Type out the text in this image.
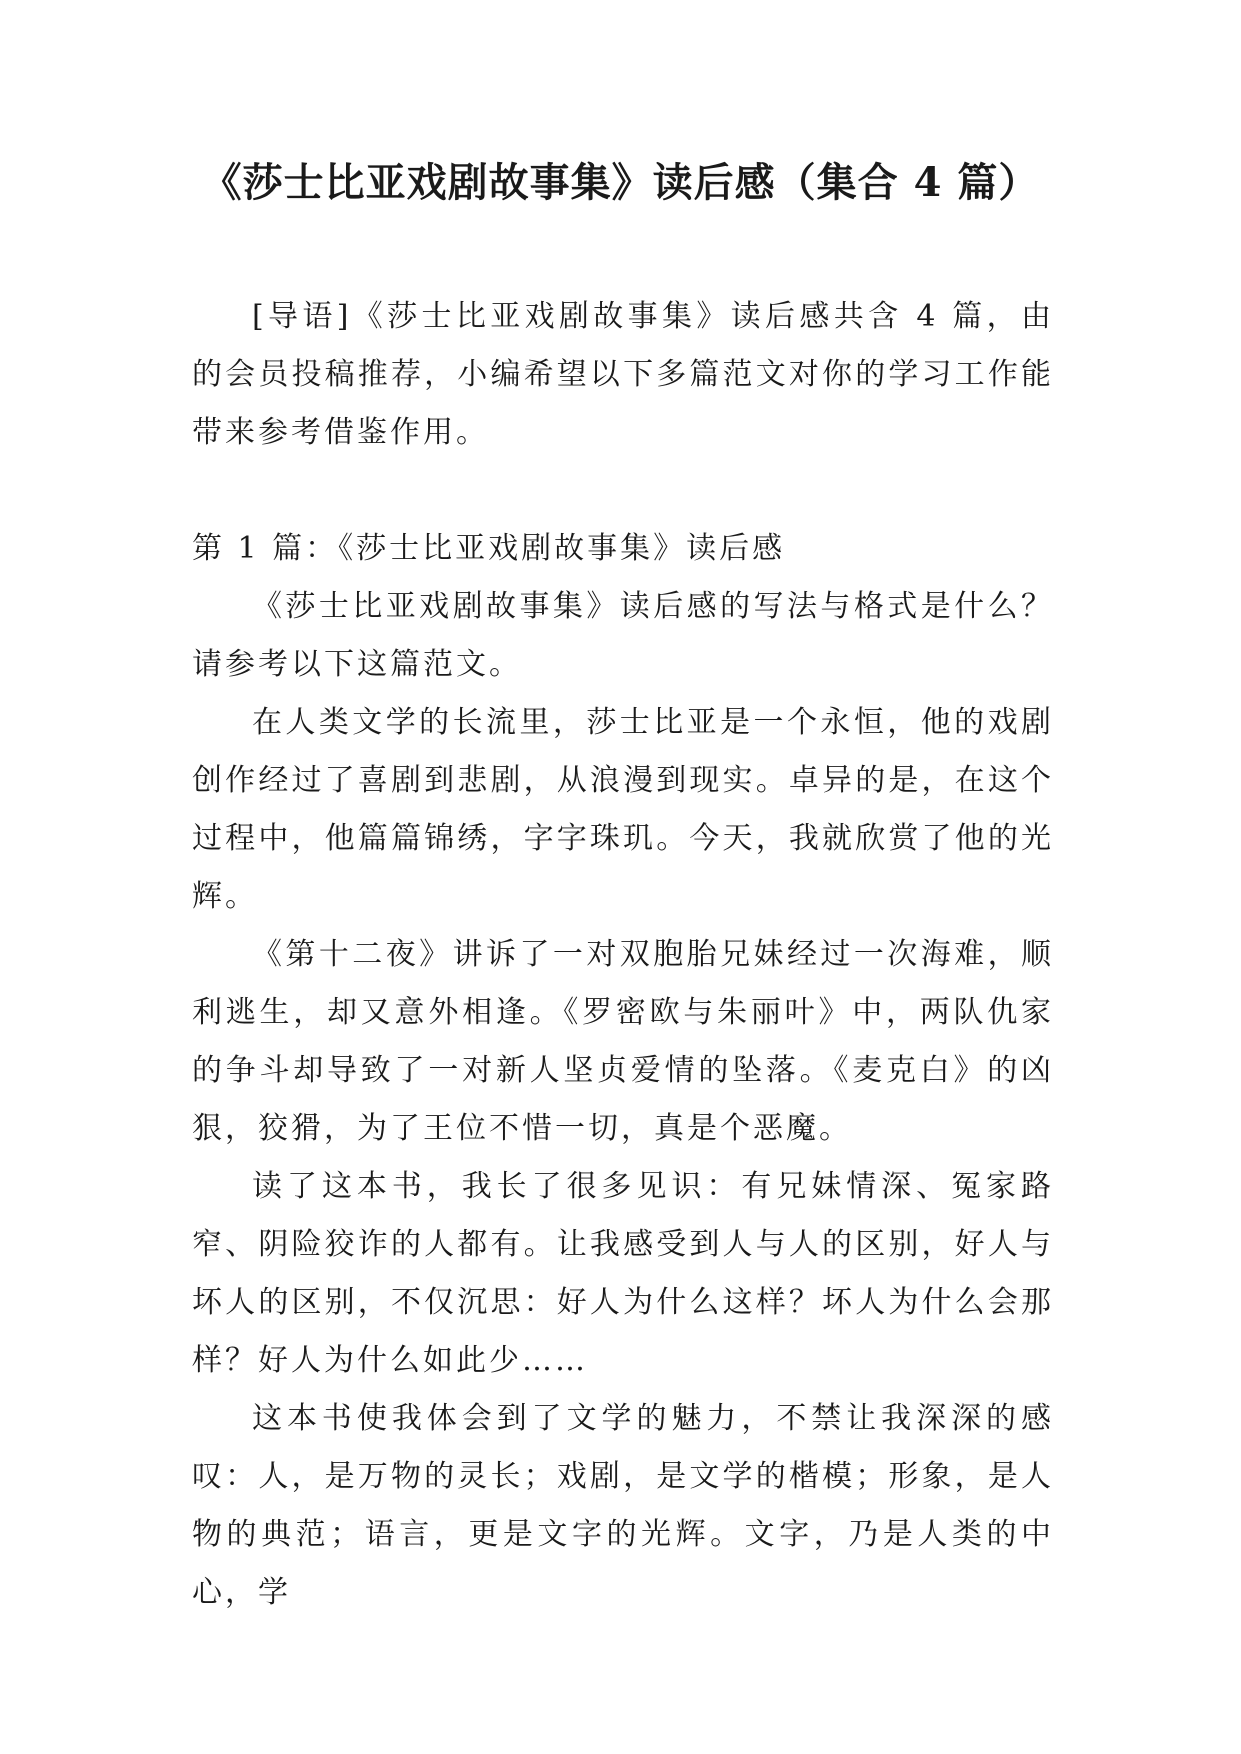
《莎士比亚戏剧故事集》读后感（集合 4 篇）

[导语]《莎士比亚戏剧故事集》读后感共含 4 篇，由的会员投稿推荐，小编希望以下多篇范文对你的学习工作能带来参考借鉴作用。

第 1 篇：《莎士比亚戏剧故事集》读后感

《莎士比亚戏剧故事集》读后感的写法与格式是什么？请参考以下这篇范文。

在人类文学的长流里，莎士比亚是一个永恒，他的戏剧创作经过了喜剧到悲剧，从浪漫到现实。卓异的是，在这个过程中，他篇篇锦绣，字字珠玑。今天，我就欣赏了他的光辉。

《第十二夜》讲诉了一对双胞胎兄妹经过一次海难，顺利逃生，却又意外相逢。《罗密欧与朱丽叶》中，两队仇家的争斗却导致了一对新人坚贞爱情的坠落。《麦克白》的凶狠，狡猾，为了王位不惜一切，真是个恶魔。

读了这本书，我长了很多见识：有兄妹情深、冤家路窄、阴险狡诈的人都有。让我感受到人与人的区别，好人与坏人的区别，不仅沉思：好人为什么这样？坏人为什么会那样？好人为什么如此少……

这本书使我体会到了文学的魅力，不禁让我深深的感叹：人，是万物的灵长；戏剧，是文学的楷模；形象，是人物的典范；语言，更是文字的光辉。文字，乃是人类的中心，学
